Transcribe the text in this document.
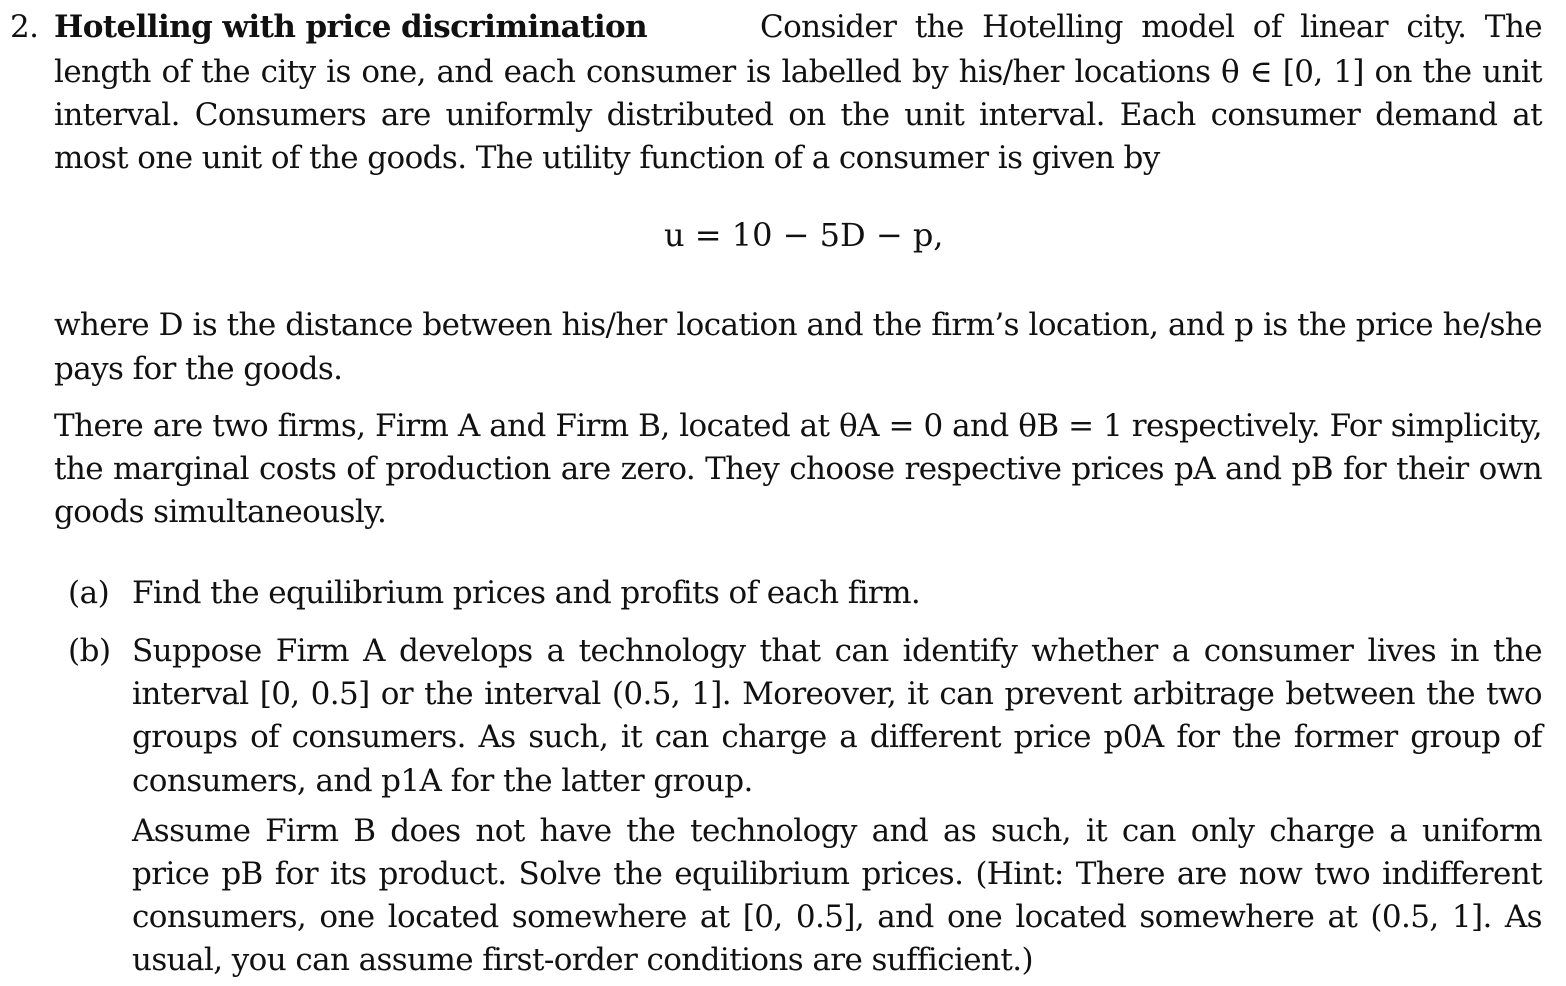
2. Hotelling with price discrimination	Consider the Hotelling model of linear city. The
length of the city is one, and each consumer is labelled by his/her locations θ ∈ [0, 1] on the unit
interval. Consumers are uniformly distributed on the unit interval. Each consumer demand at
most one unit of the goods. The utility function of a consumer is given by
u = 10 − 5D − p,
where D is the distance between his/her location and the firm’s location, and p is the price he/she
pays for the goods.
There are two firms, Firm A and Firm B, located at θA = 0 and θB = 1 respectively. For simplicity,
the marginal costs of production are zero. They choose respective prices pA and pB for their own
goods simultaneously.
(a) Find the equilibrium prices and profits of each firm.
(b) Suppose Firm A develops a technology that can identify whether a consumer lives in the
interval [0, 0.5] or the interval (0.5, 1]. Moreover, it can prevent arbitrage between the two
groups of consumers. As such, it can charge a different price p0A for the former group of
consumers, and p1A for the latter group.
Assume Firm B does not have the technology and as such, it can only charge a uniform
price pB for its product. Solve the equilibrium prices. (Hint: There are now two indifferent
consumers, one located somewhere at [0, 0.5], and one located somewhere at (0.5, 1]. As
usual, you can assume first-order conditions are sufficient.)
